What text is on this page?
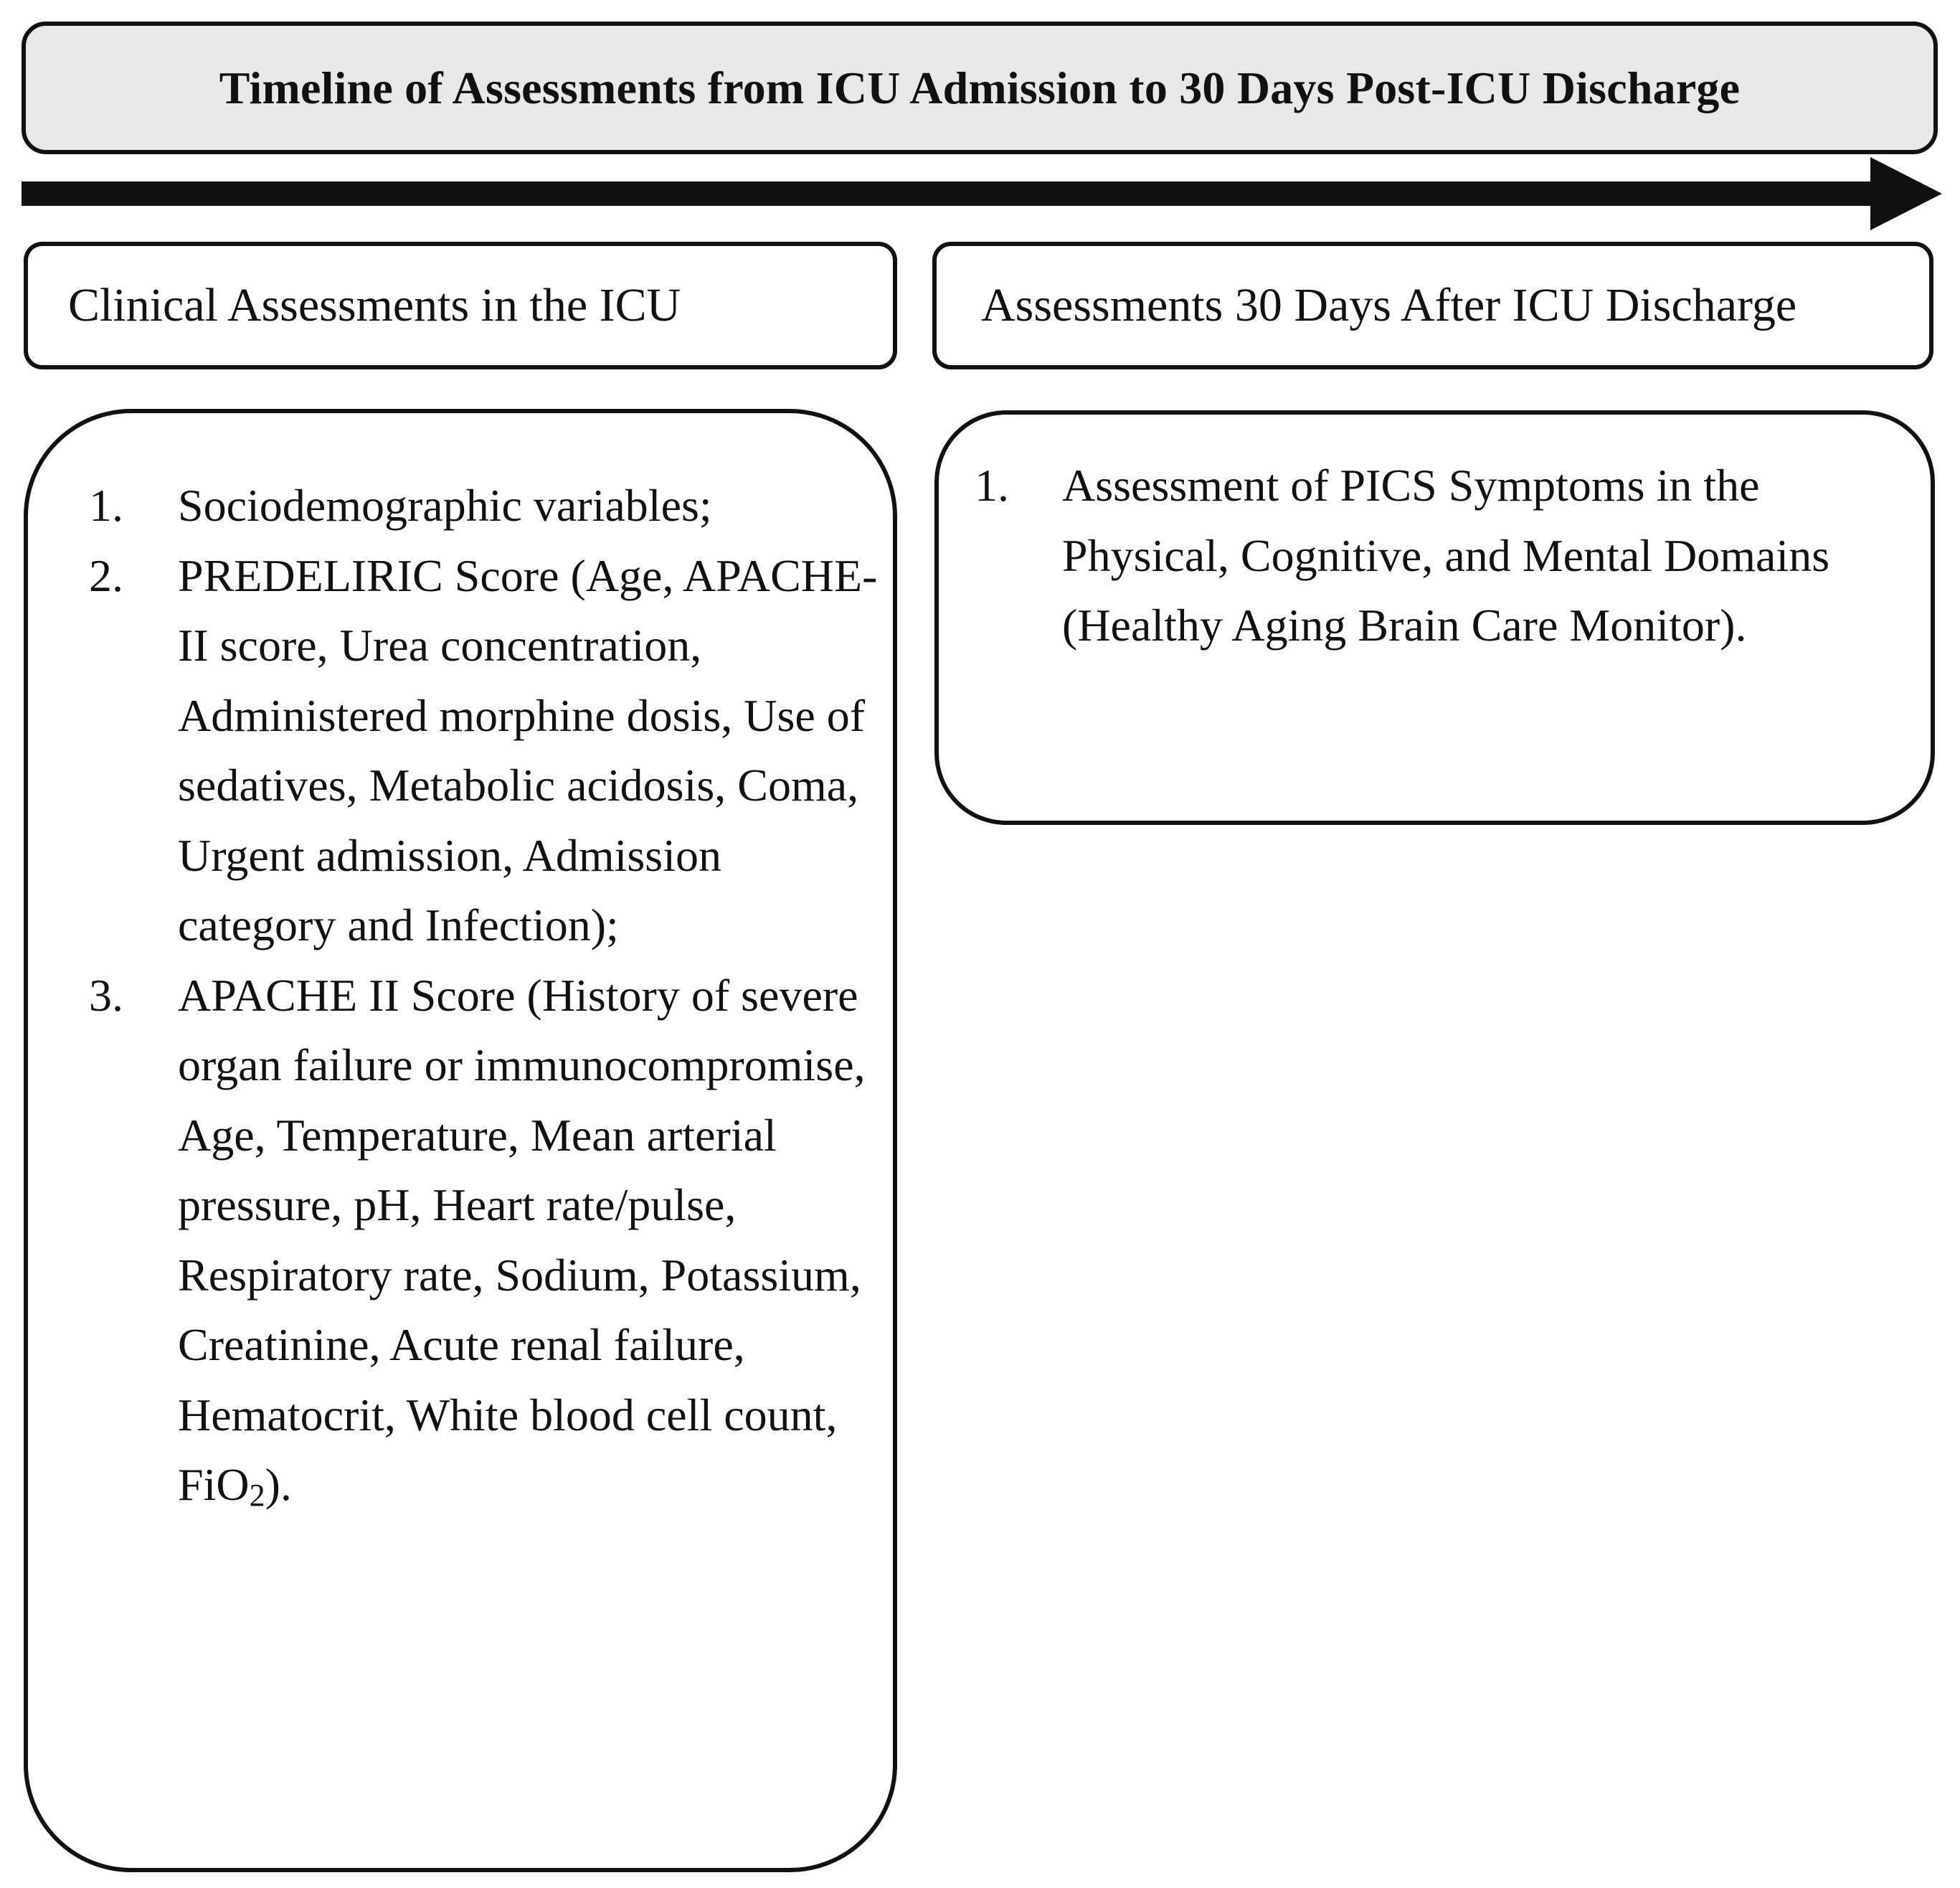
Timeline of Assessments from ICU Admission to 30 Days Post-ICU Discharge
Clinical Assessments in the ICU	Assessments 30 Days After ICU Discharge
1.	Sociodemographic variables;
2.	PREDELIRIC Score (Age, APACHE-II score, Urea concentration, Administered morphine dosis, Use of sedatives, Metabolic acidosis, Coma, Urgent admission, Admission category and Infection);
3.	APACHE II Score (History of severe organ failure or immunocompromise, Age, Temperature, Mean arterial pressure, pH, Heart rate/pulse, Respiratory rate, Sodium, Potassium, Creatinine, Acute renal failure, Hematocrit, White blood cell count, FiO2).
1.	Assessment of PICS Symptoms in the Physical, Cognitive, and Mental Domains (Healthy Aging Brain Care Monitor).
